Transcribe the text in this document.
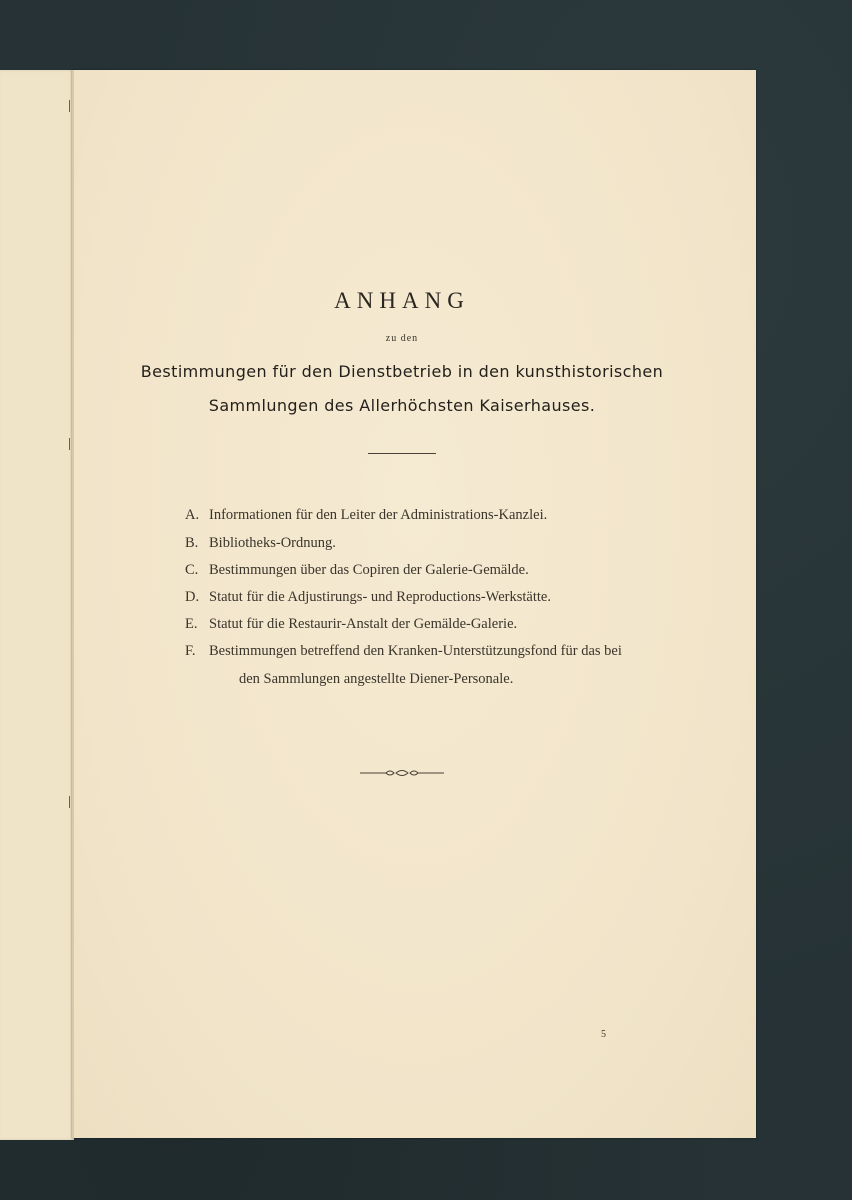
ANHANG
zu den
Bestimmungen für den Dienstbetrieb in den kunsthistorischen
Sammlungen des Allerhöchsten Kaiserhauses.
A. Informationen für den Leiter der Administrations-Kanzlei.
B. Bibliotheks-Ordnung.
C. Bestimmungen über das Copiren der Galerie-Gemälde.
D. Statut für die Adjustirungs- und Reproductions-Werkstätte.
E. Statut für die Restaurir-Anstalt der Gemälde-Galerie.
F. Bestimmungen betreffend den Kranken-Unterstützungsfond für das bei
den Sammlungen angestellte Diener-Personale.
5
